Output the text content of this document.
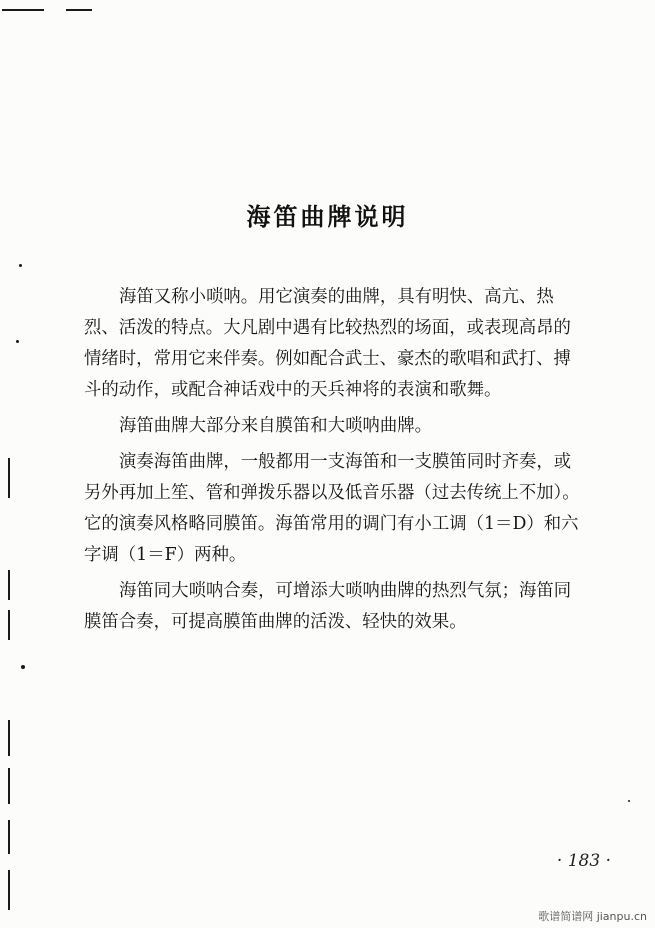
海笛曲牌说明

海笛又称小唢呐。用它演奏的曲牌，具有明快、高亢、热
烈、活泼的特点。大凡剧中遇有比较热烈的场面，或表现高昂的
情绪时，常用它来伴奏。例如配合武士、豪杰的歌唱和武打、搏
斗的动作，或配合神话戏中的天兵神将的表演和歌舞。

海笛曲牌大部分来自膜笛和大唢呐曲牌。

演奏海笛曲牌，一般都用一支海笛和一支膜笛同时齐奏，或
另外再加上笙、管和弹拨乐器以及低音乐器（过去传统上不加）。
它的演奏风格略同膜笛。海笛常用的调门有小工调（1＝D）和六
字调（1＝F）两种。

海笛同大唢呐合奏，可增添大唢呐曲牌的热烈气氛；海笛同
膜笛合奏，可提高膜笛曲牌的活泼、轻快的效果。

· 183 ·
歌谱简谱网 jianpu.cn
